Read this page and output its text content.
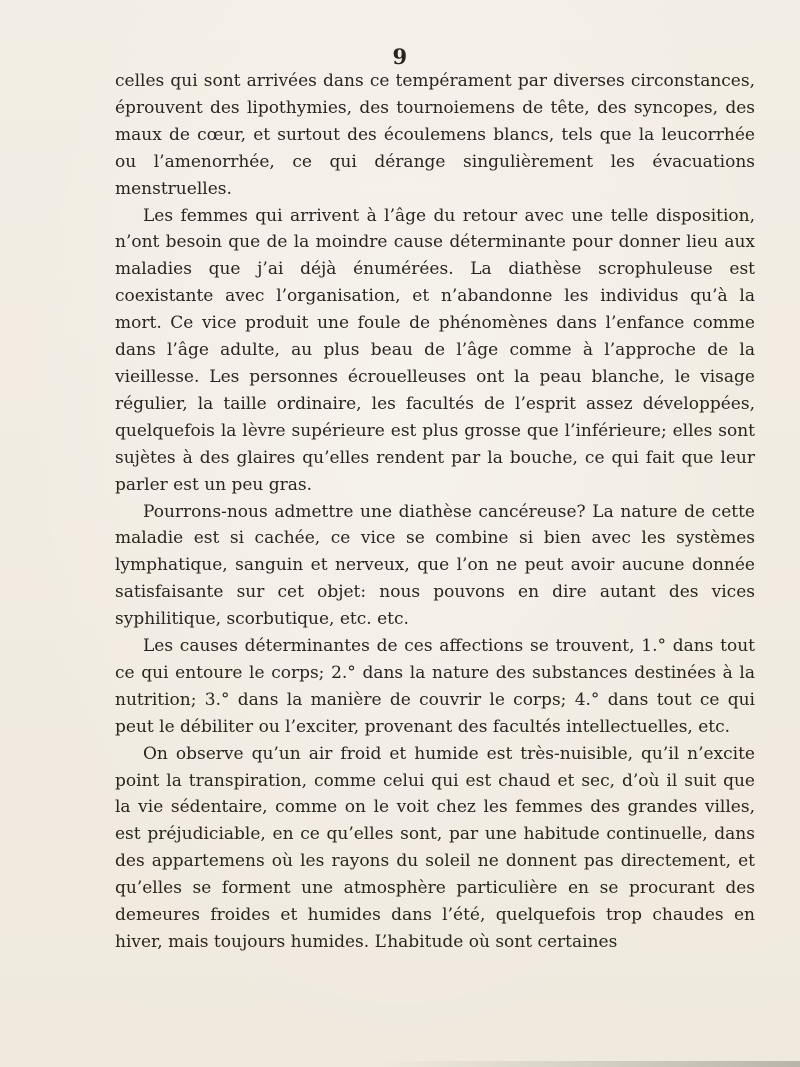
9

celles qui sont arrivées dans ce tempérament par diverses circonstances, éprouvent des lipothymies, des tournoiemens de tête, des syncopes, des maux de cœur, et surtout des écoulemens blancs, tels que la leucorrhée ou l’amenorrhée, ce qui dérange singulièrement les évacuations menstruelles.

Les femmes qui arrivent à l’âge du retour avec une telle disposition, n’ont besoin que de la moindre cause déterminante pour donner lieu aux maladies que j’ai déjà énumérées. La diathèse scrophuleuse est coexistante avec l’organisation, et n’abandonne les individus qu’à la mort. Ce vice produit une foule de phénomènes dans l’enfance comme dans l’âge adulte, au plus beau de l’âge comme à l’approche de la vieillesse. Les personnes écrouelleuses ont la peau blanche, le visage régulier, la taille ordinaire, les facultés de l’esprit assez développées, quelquefois la lèvre supérieure est plus grosse que l’inférieure; elles sont sujètes à des glaires qu’elles rendent par la bouche, ce qui fait que leur parler est un peu gras.

Pourrons-nous admettre une diathèse cancéreuse? La nature de cette maladie est si cachée, ce vice se combine si bien avec les systèmes lymphatique, sanguin et nerveux, que l’on ne peut avoir aucune donnée satisfaisante sur cet objet: nous pouvons en dire autant des vices syphilitique, scorbutique, etc. etc.

Les causes déterminantes de ces affections se trouvent, 1.° dans tout ce qui entoure le corps; 2.° dans la nature des substances destinées à la nutrition; 3.° dans la manière de couvrir le corps; 4.° dans tout ce qui peut le débiliter ou l’exciter, provenant des facultés intellectuelles, etc.

On observe qu’un air froid et humide est très-nuisible, qu’il n’excite point la transpiration, comme celui qui est chaud et sec, d’où il suit que la vie sédentaire, comme on le voit chez les femmes des grandes villes, est préjudiciable, en ce qu’elles sont, par une habitude continuelle, dans des appartemens où les rayons du soleil ne donnent pas directement, et qu’elles se forment une atmosphère particulière en se procurant des demeures froides et humides dans l’été, quelquefois trop chaudes en hiver, mais toujours humides. L’habitude où sont certaines
